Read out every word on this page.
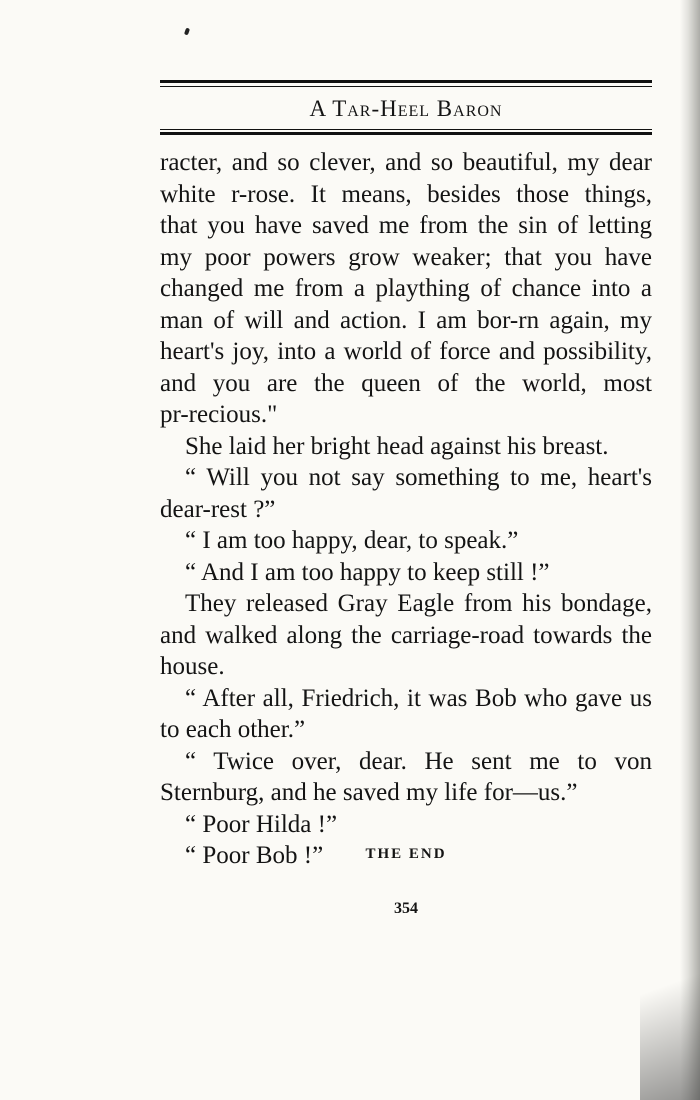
A Tar-Heel Baron
racter, and so clever, and so beautiful, my dear
white r-rose. It means, besides those things,
that you have saved me from the sin of letting
my poor powers grow weaker; that you have
changed me from a plaything of chance into a
man of will and action. I am bor-rn again, my
heart's joy, into a world of force and possibility,
and you are the queen of the world, most
pr-recious."
She laid her bright head against his breast.
“ Will you not say something to me, heart's
dear-rest ?”
“ I am too happy, dear, to speak.”
“ And I am too happy to keep still !”
They released Gray Eagle from his bondage,
and walked along the carriage-road towards the
house.
“ After all, Friedrich, it was Bob who gave us
to each other.”
“ Twice over, dear. He sent me to von
Sternburg, and he saved my life for—us.”
“ Poor Hilda !”
“ Poor Bob !”	THE END
354
